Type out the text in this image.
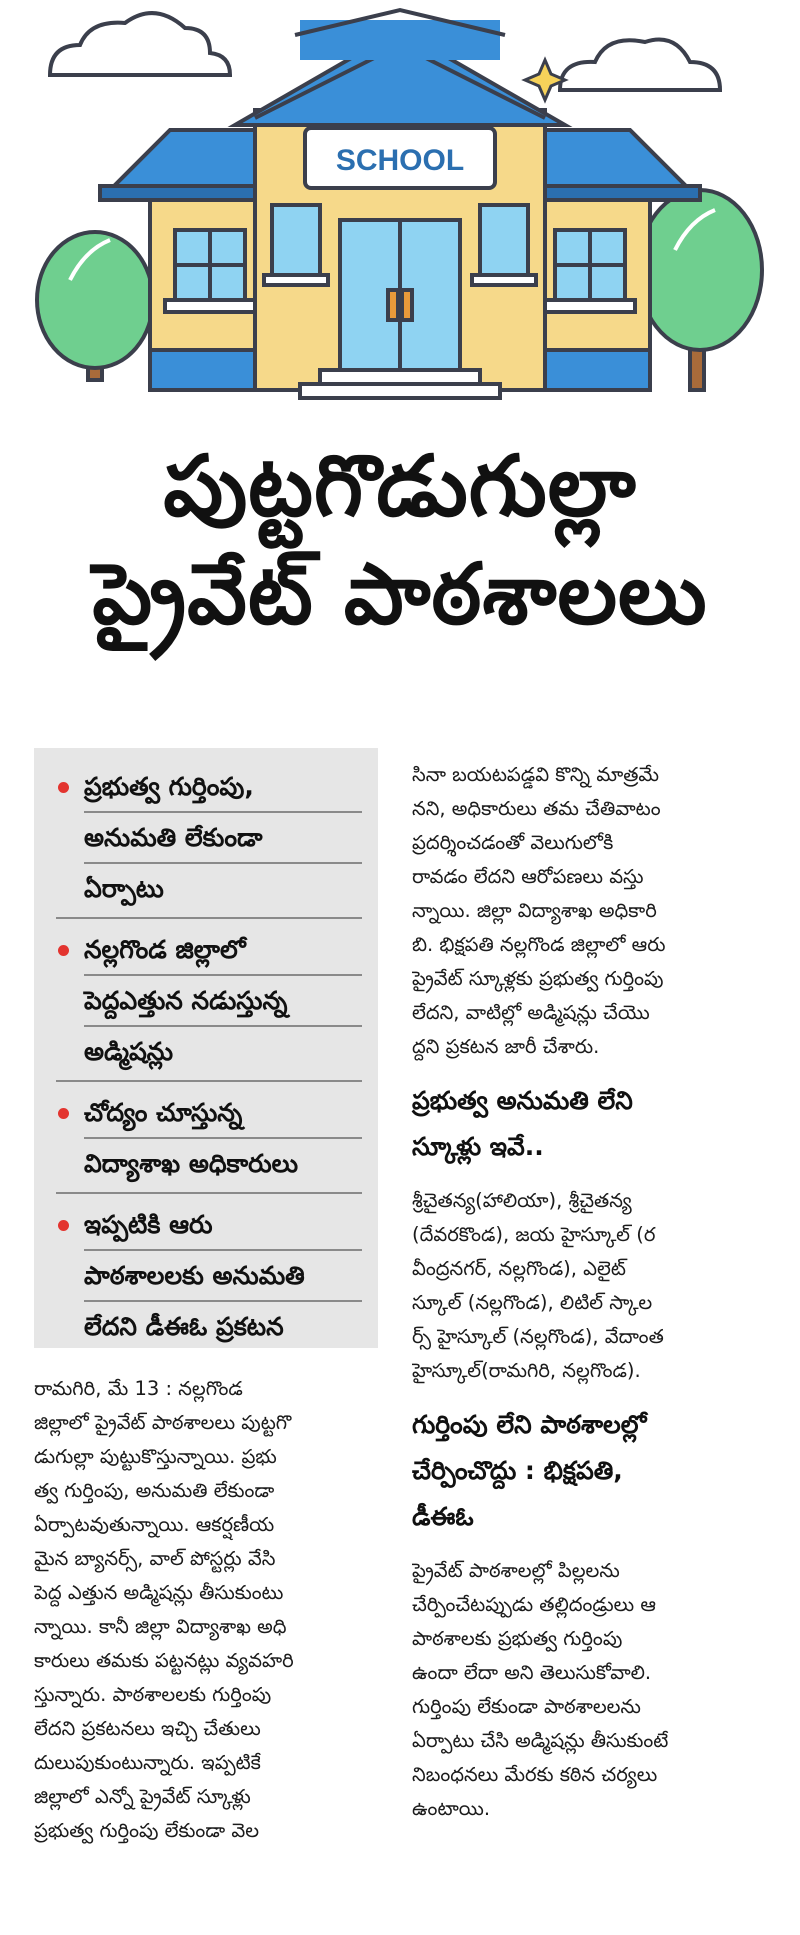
SCHOOL
పుట్టగొడుగుల్లా
ప్రైవేట్ పాఠశాలలు
ప్రభుత్వ గుర్తింపు,
అనుమతి లేకుండా
ఏర్పాటు
నల్లగొండ జిల్లాలో
పెద్దఎత్తున నడుస్తున్న
అడ్మిషన్లు
చోద్యం చూస్తున్న
విద్యాశాఖ అధికారులు
ఇప్పటికి ఆరు
పాఠశాలలకు అనుమతి
లేదని డీఈఓ ప్రకటన
రామగిరి, మే 13 : నల్లగొండ
జిల్లాలో ప్రైవేట్ పాఠశాలలు పుట్టగొ
డుగుల్లా పుట్టుకొస్తున్నాయి. ప్రభు
త్వ గుర్తింపు, అనుమతి లేకుండా
ఏర్పాటవుతున్నాయి. ఆకర్షణీయ
మైన బ్యానర్స్, వాల్ పోస్టర్లు వేసి
పెద్ద ఎత్తున అడ్మిషన్లు తీసుకుంటు
న్నాయి. కానీ జిల్లా విద్యాశాఖ అధి
కారులు తమకు పట్టనట్లు వ్యవహరి
స్తున్నారు. పాఠశాలలకు గుర్తింపు
లేదని ప్రకటనలు ఇచ్చి చేతులు
దులుపుకుంటున్నారు. ఇప్పటికే
జిల్లాలో ఎన్నో ప్రైవేట్ స్కూళ్లు
ప్రభుత్వ గుర్తింపు లేకుండా వెల
సినా బయటపడ్డవి కొన్ని మాత్రమే
నని, అధికారులు తమ చేతివాటం
ప్రదర్శించడంతో వెలుగులోకి
రావడం లేదని ఆరోపణలు వస్తు
న్నాయి. జిల్లా విద్యాశాఖ అధికారి
బి. భిక్షపతి నల్లగొండ జిల్లాలో ఆరు
ప్రైవేట్ స్కూళ్లకు ప్రభుత్వ గుర్తింపు
లేదని, వాటిల్లో అడ్మిషన్లు చేయొ
ద్దని ప్రకటన జారీ చేశారు.
ప్రభుత్వ అనుమతి లేని
స్కూళ్లు ఇవే..
శ్రీచైతన్య(హాలియా), శ్రీచైతన్య
(దేవరకొండ), జయ హైస్కూల్ (ర
వీంద్రనగర్, నల్లగొండ), ఎలైట్
స్కూల్ (నల్లగొండ), లిటిల్ స్కాల
ర్స్ హైస్కూల్ (నల్లగొండ), వేదాంత
హైస్కూల్(రామగిరి, నల్లగొండ).
గుర్తింపు లేని పాఠశాలల్లో
చేర్పించొద్దు : భిక్షపతి,
డీఈఓ
ప్రైవేట్ పాఠశాలల్లో పిల్లలను
చేర్పించేటప్పుడు తల్లిదండ్రులు ఆ
పాఠశాలకు ప్రభుత్వ గుర్తింపు
ఉందా లేదా అని తెలుసుకోవాలి.
గుర్తింపు లేకుండా పాఠశాలలను
ఏర్పాటు చేసి అడ్మిషన్లు తీసుకుంటే
నిబంధనలు మేరకు కఠిన చర్యలు
ఉంటాయి.
